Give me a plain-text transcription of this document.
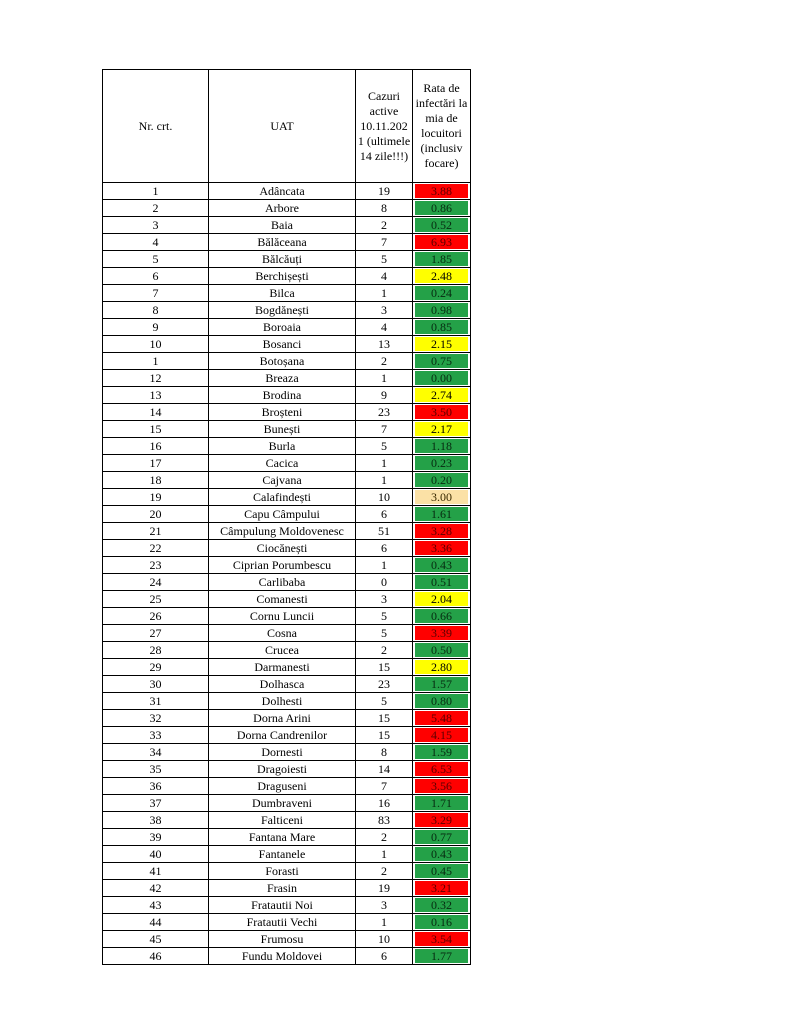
Nr. crt.	UAT	Cazuri active 10.11.202 1 (ultimele 14 zile!!!)	Rata de infectări la mia de locuitori (inclusiv focare)
1	Adâncata	19	3.88

2	Arbore	8	0.86

3	Baia	2	0.52

4	Bălăceana	7	6.93

5	Bălcăuți	5	1.85

6	Berchișești	4	2.48

7	Bilca	1	0.24

8	Bogdănești	3	0.98

9	Boroaia	4	0.85

10	Bosanci	13	2.15

1	Botoșana	2	0.75

12	Breaza	1	0.00

13	Brodina	9	2.74

14	Broșteni	23	3.50

15	Bunești	7	2.17

16	Burla	5	1.18

17	Cacica	1	0.23

18	Cajvana	1	0.20

19	Calafindești	10	3.00

20	Capu Câmpului	6	1.61

21	Câmpulung Moldovenesc	51	3.28

22	Ciocănești	6	3.36

23	Ciprian Porumbescu	1	0.43

24	Carlibaba	0	0.51

25	Comanesti	3	2.04

26	Cornu Luncii	5	0.66

27	Cosna	5	3.39

28	Crucea	2	0.50

29	Darmanesti	15	2.80

30	Dolhasca	23	1.57

31	Dolhesti	5	0.80

32	Dorna Arini	15	5.48

33	Dorna Candrenilor	15	4.15

34	Dornesti	8	1.59

35	Dragoiesti	14	6.53

36	Draguseni	7	3.56

37	Dumbraveni	16	1.71

38	Falticeni	83	3.29

39	Fantana Mare	2	0.77

40	Fantanele	1	0.43

41	Forasti	2	0.45

42	Frasin	19	3.21

43	Fratautii Noi	3	0.32

44	Fratautii Vechi	1	0.16

45	Frumosu	10	3.54

46	Fundu Moldovei	6	1.77
